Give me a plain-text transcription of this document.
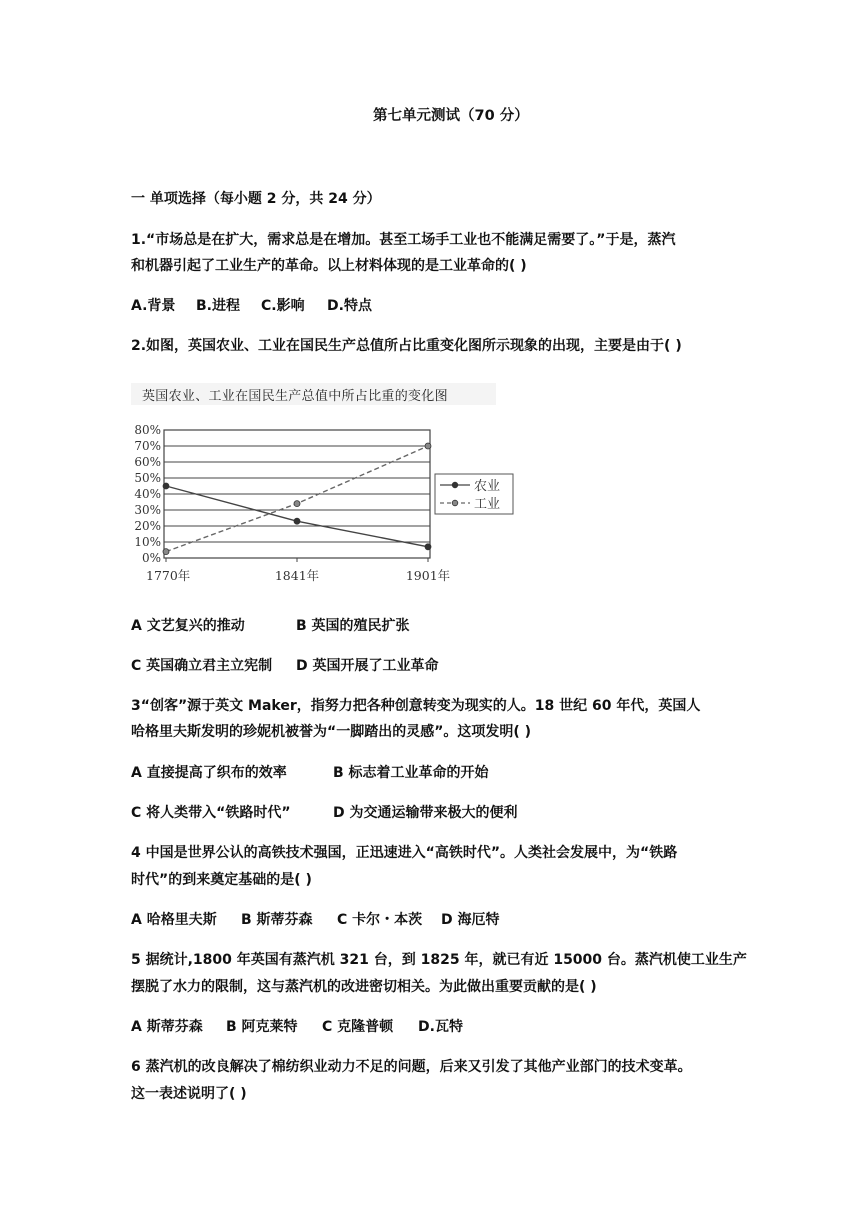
第七单元测试（70 分）
一 单项选择（每小题 2 分，共 24 分）
1.“市场总是在扩大，需求总是在增加。甚至工场手工业也不能满足需要了。”于是，蒸汽
和机器引起了工业生产的革命。以上材料体现的是工业革命的( )
A.背景 B.进程 C.影响 D.特点
2.如图，英国农业、工业在国民生产总值所占比重变化图所示现象的出现，主要是由于( )
英国农业、工业在国民生产总值中所占比重的变化图
80%
70%
60%
50%
40%
30%
20%
10%
0%
1770年	1841年	1901年
农业
工业
A 文艺复兴的推动	B 英国的殖民扩张
C 英国确立君主立宪制 D 英国开展了工业革命
3“创客”源于英文 Maker，指努力把各种创意转变为现实的人。18 世纪 60 年代，英国人
哈格里夫斯发明的珍妮机被誉为“一脚踏出的灵感”。这项发明( )
A 直接提高了织布的效率	B 标志着工业革命的开始
C 将人类带入“铁路时代”	D 为交通运输带来极大的便利
4 中国是世界公认的高铁技术强国，正迅速进入“高铁时代”。人类社会发展中，为“铁路
时代”的到来奠定基础的是( )
A 哈格里夫斯 B 斯蒂芬森 C 卡尔・本茨 D 海厄特
5 据统计,1800 年英国有蒸汽机 321 台，到 1825 年，就已有近 15000 台。蒸汽机使工业生产
摆脱了水力的限制，这与蒸汽机的改进密切相关。为此做出重要贡献的是( )
A 斯蒂芬森 B 阿克莱特 C 克隆普顿 D.瓦特
6 蒸汽机的改良解决了棉纺织业动力不足的问题，后来又引发了其他产业部门的技术变革。
这一表述说明了( )
